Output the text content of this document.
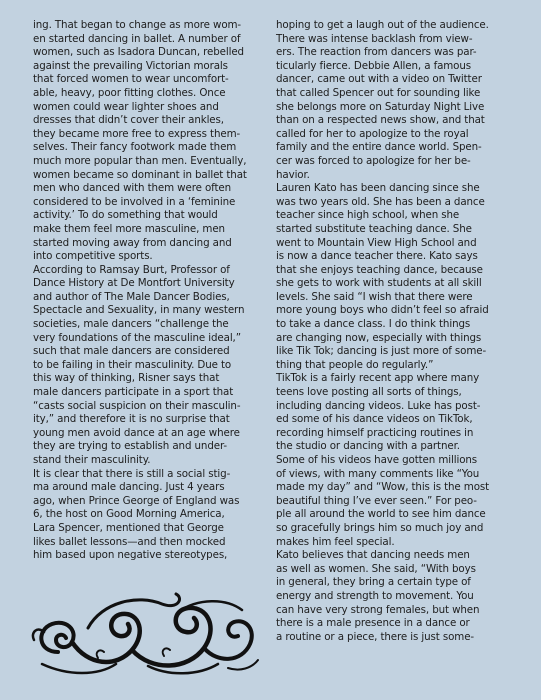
ing. That began to change as more wom-
en started dancing in ballet. A number of
women, such as Isadora Duncan, rebelled
against the prevailing Victorian morals
that forced women to wear uncomfort-
able, heavy, poor fitting clothes. Once
women could wear lighter shoes and
dresses that didn’t cover their ankles,
they became more free to express them-
selves. Their fancy footwork made them
much more popular than men. Eventually,
women became so dominant in ballet that
men who danced with them were often
considered to be involved in a ‘feminine
activity.’ To do something that would
make them feel more masculine, men
started moving away from dancing and
into competitive sports.
According to Ramsay Burt, Professor of
Dance History at De Montfort University
and author of The Male Dancer Bodies,
Spectacle and Sexuality, in many western
societies, male dancers “challenge the
very foundations of the masculine ideal,”
such that male dancers are considered
to be failing in their masculinity. Due to
this way of thinking, Risner says that
male dancers participate in a sport that
“casts social suspicion on their masculin-
ity,” and therefore it is no surprise that
young men avoid dance at an age where
they are trying to establish and under-
stand their masculinity.
It is clear that there is still a social stig-
ma around male dancing. Just 4 years
ago, when Prince George of England was
6, the host on Good Morning America,
Lara Spencer, mentioned that George
likes ballet lessons—and then mocked
him based upon negative stereotypes,
hoping to get a laugh out of the audience.
There was intense backlash from view-
ers. The reaction from dancers was par-
ticularly fierce. Debbie Allen, a famous
dancer, came out with a video on Twitter
that called Spencer out for sounding like
she belongs more on Saturday Night Live
than on a respected news show, and that
called for her to apologize to the royal
family and the entire dance world. Spen-
cer was forced to apologize for her be-
havior.
Lauren Kato has been dancing since she
was two years old. She has been a dance
teacher since high school, when she
started substitute teaching dance. She
went to Mountain View High School and
is now a dance teacher there. Kato says
that she enjoys teaching dance, because
she gets to work with students at all skill
levels. She said “I wish that there were
more young boys who didn’t feel so afraid
to take a dance class. I do think things
are changing now, especially with things
like Tik Tok; dancing is just more of some-
thing that people do regularly.”
TikTok is a fairly recent app where many
teens love posting all sorts of things,
including dancing videos. Luke has post-
ed some of his dance videos on TikTok,
recording himself practicing routines in
the studio or dancing with a partner.
Some of his videos have gotten millions
of views, with many comments like “You
made my day” and “Wow, this is the most
beautiful thing I’ve ever seen.” For peo-
ple all around the world to see him dance
so gracefully brings him so much joy and
makes him feel special.
Kato believes that dancing needs men
as well as women. She said, “With boys
in general, they bring a certain type of
energy and strength to movement. You
can have very strong females, but when
there is a male presence in a dance or
a routine or a piece, there is just some-
